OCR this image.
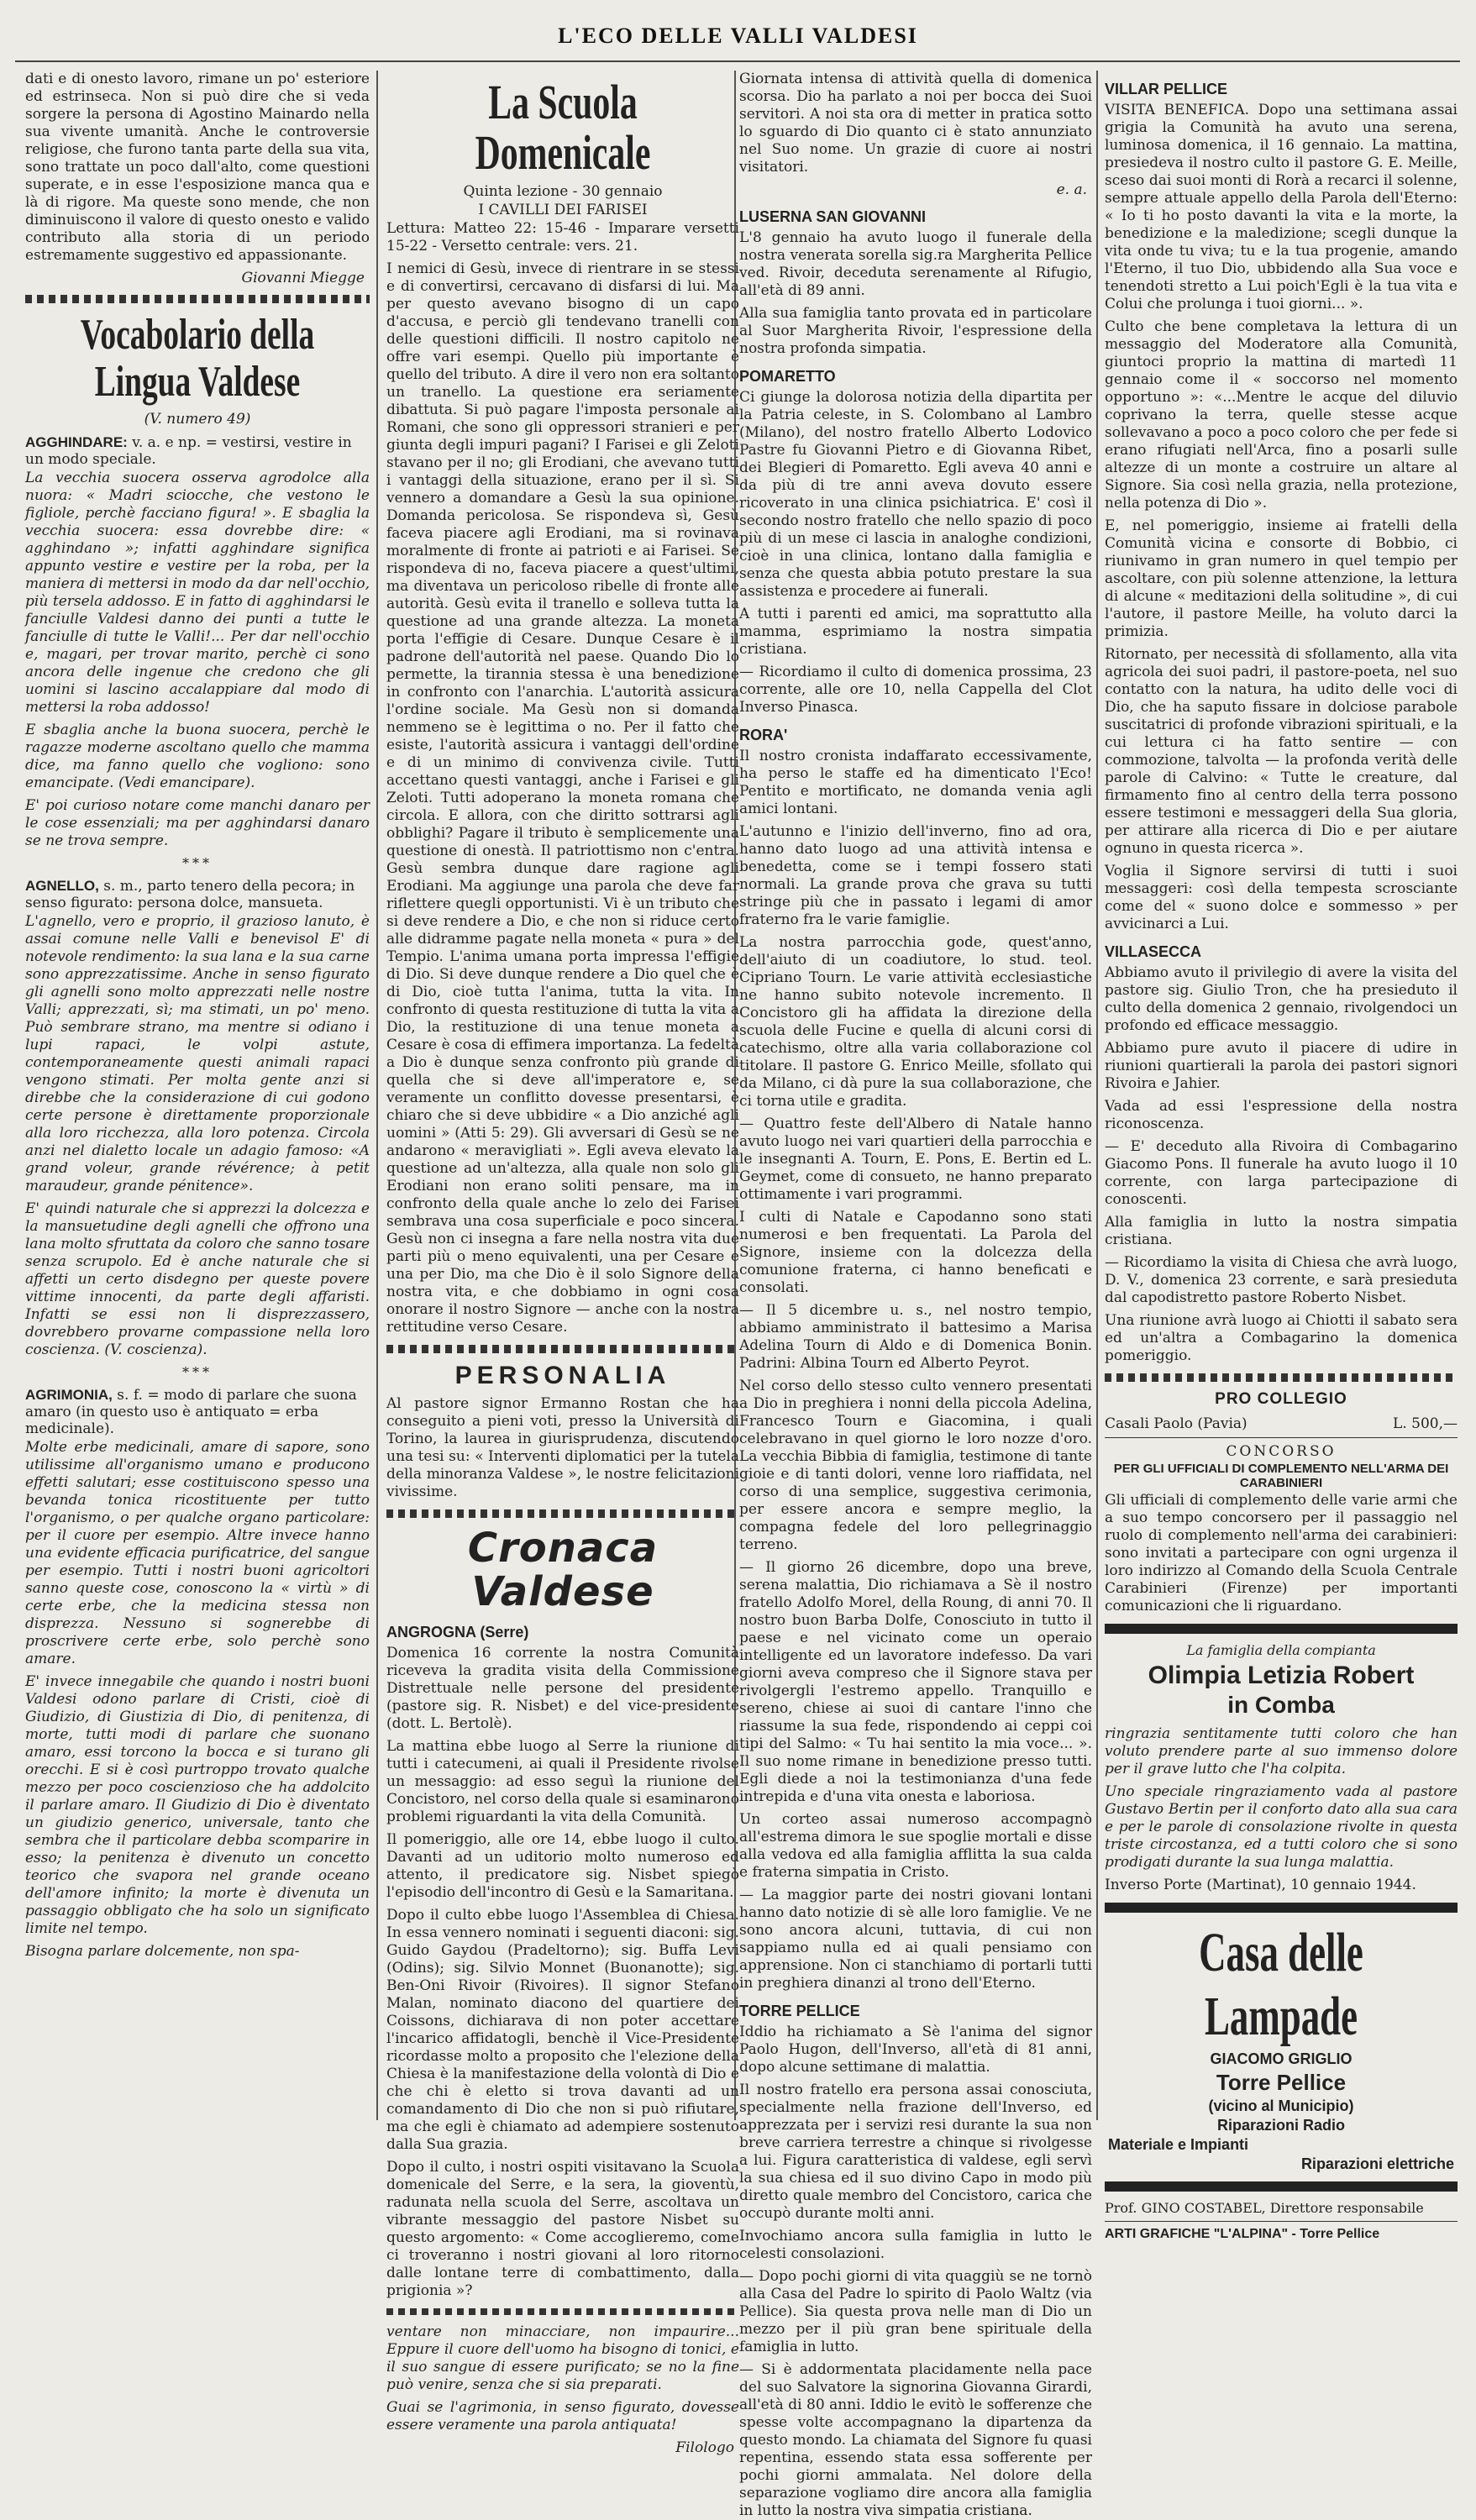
L'ECO DELLE VALLI VALDESI

dati e di onesto lavoro, rimane un po' esteriore ed estrinseca. Non si può dire che si veda sorgere la persona di Agostino Mainardo nella sua vivente umanità. Anche le controversie religiose, che furono tanta parte della sua vita, sono trattate un poco dall'alto, come questioni superate, e in esse l'esposizione manca qua e là di rigore. Ma queste sono mende, che non diminuiscono il valore di questo onesto e valido contributo alla storia di un periodo estremamente suggestivo ed appassionante.

Giovanni Miegge
Vocabolario della Lingua Valdese
(V. numero 49)
AGGHINDARE: v. a. e np. = vestirsi, vestire in un modo speciale.

La vecchia suocera osserva agrodolce alla nuora: « Madri sciocche, che vestono le figliole, perchè facciano figura! ». E sbaglia la vecchia suocera: essa dovrebbe dire: « agghindano »; infatti agghindare significa appunto vestire e vestire per la roba, per la maniera di mettersi in modo da dar nell'occhio, più tersela addosso. E in fatto di agghindarsi le fanciulle Valdesi danno dei punti a tutte le fanciulle di tutte le Valli!... Per dar nell'occhio e, magari, per trovar marito, perchè ci sono ancora delle ingenue che credono che gli uomini si lascino accalappiare dal modo di mettersi la roba addosso!

E sbaglia anche la buona suocera, perchè le ragazze moderne ascoltano quello che mamma dice, ma fanno quello che vogliono: sono emancipate. (Vedi emancipare).

E' poi curioso notare come manchi danaro per le cose essenziali; ma per agghindarsi danaro se ne trova sempre.

***
AGNELLO, s. m., parto tenero della pecora; in senso figurato: persona dolce, mansueta.

L'agnello, vero e proprio, il grazioso lanuto, è assai comune nelle Valli e benevisol E' di notevole rendimento: la sua lana e la sua carne sono apprezzatissime. Anche in senso figurato gli agnelli sono molto apprezzati nelle nostre Valli; apprezzati, sì; ma stimati, un po' meno. Può sembrare strano, ma mentre si odiano i lupi rapaci, le volpi astute, contemporaneamente questi animali rapaci vengono stimati. Per molta gente anzi si direbbe che la considerazione di cui godono certe persone è direttamente proporzionale alla loro ricchezza, alla loro potenza. Circola anzi nel dialetto locale un adagio famoso: «A grand voleur, grande révérence; à petit maraudeur, grande pénitence».

E' quindi naturale che si apprezzi la dolcezza e la mansuetudine degli agnelli che offrono una lana molto sfruttata da coloro che sanno tosare senza scrupolo. Ed è anche naturale che si affetti un certo disdegno per queste povere vittime innocenti, da parte degli affaristi. Infatti se essi non li disprezzassero, dovrebbero provarne compassione nella loro coscienza. (V. coscienza).

***
AGRIMONIA, s. f. = modo di parlare che suona amaro (in questo uso è antiquato = erba medicinale).

Molte erbe medicinali, amare di sapore, sono utilissime all'organismo umano e producono effetti salutari; esse costituiscono spesso una bevanda tonica ricostituente per tutto l'organismo, o per qualche organo particolare: per il cuore per esempio. Altre invece hanno una evidente efficacia purificatrice, del sangue per esempio. Tutti i nostri buoni agricoltori sanno queste cose, conoscono la « virtù » di certe erbe, che la medicina stessa non disprezza. Nessuno si sognerebbe di proscrivere certe erbe, solo perchè sono amare.

E' invece innegabile che quando i nostri buoni Valdesi odono parlare di Cristi, cioè di Giudizio, di Giustizia di Dio, di penitenza, di morte, tutti modi di parlare che suonano amaro, essi torcono la bocca e si turano gli orecchi. E si è così purtroppo trovato qualche mezzo per poco coscienzioso che ha addolcito il parlare amaro. Il Giudizio di Dio è diventato un giudizio generico, universale, tanto che sembra che il particolare debba scomparire in esso; la penitenza è divenuto un concetto teorico che svapora nel grande oceano dell'amore infinito; la morte è divenuta un passaggio obbligato che ha solo un significato limite nel tempo.

Bisogna parlare dolcemente, non spa-

La Scuola Domenicale
Quinta lezione - 30 gennaio
I CAVILLI DEI FARISEI

Lettura: Matteo 22: 15-46 - Imparare versetti 15-22 - Versetto centrale: vers. 21.

I nemici di Gesù, invece di rientrare in se stessi e di convertirsi, cercavano di disfarsi di lui. Ma per questo avevano bisogno di un capo d'accusa, e perciò gli tendevano tranelli con delle questioni difficili. Il nostro capitolo ne offre vari esempi. Quello più importante è quello del tributo. A dire il vero non era soltanto un tranello. La questione era seriamente dibattuta. Si può pagare l'imposta personale ai Romani, che sono gli oppressori stranieri e per giunta degli impuri pagani? I Farisei e gli Zeloti stavano per il no; gli Erodiani, che avevano tutti i vantaggi della situazione, erano per il sì. Si vennero a domandare a Gesù la sua opinione. Domanda pericolosa. Se rispondeva sì, Gesù faceva piacere agli Erodiani, ma si rovinava moralmente di fronte ai patrioti e ai Farisei. Se rispondeva di no, faceva piacere a quest'ultimi, ma diventava un pericoloso ribelle di fronte alle autorità. Gesù evita il tranello e solleva tutta la questione ad una grande altezza. La moneta porta l'effigie di Cesare. Dunque Cesare è il padrone dell'autorità nel paese. Quando Dio lo permette, la tirannia stessa è una benedizione in confronto con l'anarchia. L'autorità assicura l'ordine sociale. Ma Gesù non si domanda nemmeno se è legittima o no. Per il fatto che esiste, l'autorità assicura i vantaggi dell'ordine e di un minimo di convivenza civile. Tutti accettano questi vantaggi, anche i Farisei e gli Zeloti. Tutti adoperano la moneta romana che circola. E allora, con che diritto sottrarsi agli obblighi? Pagare il tributo è semplicemente una questione di onestà. Il patriottismo non c'entra. Gesù sembra dunque dare ragione agli Erodiani. Ma aggiunge una parola che deve far riflettere quegli opportunisti. Vi è un tributo che si deve rendere a Dio, e che non si riduce certo alle didramme pagate nella moneta « pura » del Tempio. L'anima umana porta impressa l'effigie di Dio. Si deve dunque rendere a Dio quel che è di Dio, cioè tutta l'anima, tutta la vita. In confronto di questa restituzione di tutta la vita a Dio, la restituzione di una tenue moneta a Cesare è cosa di effimera importanza. La fedeltà a Dio è dunque senza confronto più grande di quella che si deve all'imperatore e, se veramente un conflitto dovesse presentarsi, è chiaro che si deve ubbidire « a Dio anziché agli uomini » (Atti 5: 29). Gli avversari di Gesù se ne andarono « meravigliati ». Egli aveva elevato la questione ad un'altezza, alla quale non solo gli Erodiani non erano soliti pensare, ma in confronto della quale anche lo zelo dei Farisei sembrava una cosa superficiale e poco sincera. Gesù non ci insegna a fare nella nostra vita due parti più o meno equivalenti, una per Cesare e una per Dio, ma che Dio è il solo Signore della nostra vita, e che dobbiamo in ogni cosa onorare il nostro Signore — anche con la nostra rettitudine verso Cesare.

PERSONALIA

Al pastore signor Ermanno Rostan che ha conseguito a pieni voti, presso la Università di Torino, la laurea in giurisprudenza, discutendo una tesi su: « Interventi diplomatici per la tutela della minoranza Valdese », le nostre felicitazioni vivissime.

Cronaca Valdese
ANGROGNA (Serre)

Domenica 16 corrente la nostra Comunità riceveva la gradita visita della Commissione Distrettuale nelle persone del presidente (pastore sig. R. Nisbet) e del vice-presidente (dott. L. Bertolè).

La mattina ebbe luogo al Serre la riunione di tutti i catecumeni, ai quali il Presidente rivolse un messaggio: ad esso seguì la riunione del Concistoro, nel corso della quale si esaminarono problemi riguardanti la vita della Comunità.

Il pomeriggio, alle ore 14, ebbe luogo il culto. Davanti ad un uditorio molto numeroso ed attento, il predicatore sig. Nisbet spiegò l'episodio dell'incontro di Gesù e la Samaritana.

Dopo il culto ebbe luogo l'Assemblea di Chiesa. In essa vennero nominati i seguenti diaconi: sig. Guido Gaydou (Pradeltorno); sig. Buffa Levi (Odins); sig. Silvio Monnet (Buonanotte); sig. Ben-Oni Rivoir (Rivoires). Il signor Stefano Malan, nominato diacono del quartiere dei Coissons, dichiarava di non poter accettare l'incarico affidatogli, benchè il Vice-Presidente ricordasse molto a proposito che l'elezione della Chiesa è la manifestazione della volontà di Dio e che chi è eletto si trova davanti ad un comandamento di Dio che non si può rifiutare, ma che egli è chiamato ad adempiere sostenuto dalla Sua grazia.

Dopo il culto, i nostri ospiti visitavano la Scuola domenicale del Serre, e la sera, la gioventù, radunata nella scuola del Serre, ascoltava un vibrante messaggio del pastore Nisbet su questo argomento: « Come accoglieremo, come ci troveranno i nostri giovani al loro ritorno dalle lontane terre di combattimento, dalla prigionia »?

ventare non minacciare, non impaurire... Eppure il cuore dell'uomo ha bisogno di tonici, e il suo sangue di essere purificato; se no la fine può venire, senza che si sia preparati.

Guai se l'agrimonia, in senso figurato, dovesse essere veramente una parola antiquata!

Filologo

Giornata intensa di attività quella di domenica scorsa. Dio ha parlato a noi per bocca dei Suoi servitori. A noi sta ora di metter in pratica sotto lo sguardo di Dio quanto ci è stato annunziato nel Suo nome. Un grazie di cuore ai nostri visitatori.

e. a.
LUSERNA SAN GIOVANNI

L'8 gennaio ha avuto luogo il funerale della nostra venerata sorella sig.ra Margherita Pellice ved. Rivoir, deceduta serenamente al Rifugio, all'età di 89 anni.

Alla sua famiglia tanto provata ed in particolare al Suor Margherita Rivoir, l'espressione della nostra profonda simpatia.

POMARETTO

Ci giunge la dolorosa notizia della dipartita per la Patria celeste, in S. Colombano al Lambro (Milano), del nostro fratello Alberto Lodovico Pastre fu Giovanni Pietro e di Giovanna Ribet, dei Blegieri di Pomaretto. Egli aveva 40 anni e da più di tre anni aveva dovuto essere ricoverato in una clinica psichiatrica. E' così il secondo nostro fratello che nello spazio di poco più di un mese ci lascia in analoghe condizioni, cioè in una clinica, lontano dalla famiglia e senza che questa abbia potuto prestare la sua assistenza e procedere ai funerali.

A tutti i parenti ed amici, ma soprattutto alla mamma, esprimiamo la nostra simpatia cristiana.

— Ricordiamo il culto di domenica prossima, 23 corrente, alle ore 10, nella Cappella del Clot Inverso Pinasca.

RORA'

Il nostro cronista indaffarato eccessivamente, ha perso le staffe ed ha dimenticato l'Eco! Pentito e mortificato, ne domanda venia agli amici lontani.

L'autunno e l'inizio dell'inverno, fino ad ora, hanno dato luogo ad una attività intensa e benedetta, come se i tempi fossero stati normali. La grande prova che grava su tutti stringe più che in passato i legami di amor fraterno fra le varie famiglie.

La nostra parrocchia gode, quest'anno, dell'aiuto di un coadiutore, lo stud. teol. Cipriano Tourn. Le varie attività ecclesiastiche ne hanno subito notevole incremento. Il Concistoro gli ha affidata la direzione della scuola delle Fucine e quella di alcuni corsi di catechismo, oltre alla varia collaborazione col titolare. Il pastore G. Enrico Meille, sfollato qui da Milano, ci dà pure la sua collaborazione, che ci torna utile e gradita.

— Quattro feste dell'Albero di Natale hanno avuto luogo nei vari quartieri della parrocchia e le insegnanti A. Tourn, E. Pons, E. Bertin ed L. Geymet, come di consueto, ne hanno preparato ottimamente i vari programmi.

I culti di Natale e Capodanno sono stati numerosi e ben frequentati. La Parola del Signore, insieme con la dolcezza della comunione fraterna, ci hanno beneficati e consolati.

— Il 5 dicembre u. s., nel nostro tempio, abbiamo amministrato il battesimo a Marisa Adelina Tourn di Aldo e di Domenica Bonin. Padrini: Albina Tourn ed Alberto Peyrot.

Nel corso dello stesso culto vennero presentati a Dio in preghiera i nonni della piccola Adelina, Francesco Tourn e Giacomina, i quali celebravano in quel giorno le loro nozze d'oro. La vecchia Bibbia di famiglia, testimone di tante gioie e di tanti dolori, venne loro riaffidata, nel corso di una semplice, suggestiva cerimonia, per essere ancora e sempre meglio, la compagna fedele del loro pellegrinaggio terreno.

— Il giorno 26 dicembre, dopo una breve, serena malattia, Dio richiamava a Sè il nostro fratello Adolfo Morel, della Roung, di anni 70. Il nostro buon Barba Dolfe, Conosciuto in tutto il paese e nel vicinato come un operaio intelligente ed un lavoratore indefesso. Da vari giorni aveva compreso che il Signore stava per rivolgergli l'estremo appello. Tranquillo e sereno, chiese ai suoi di cantare l'inno che riassume la sua fede, rispondendo ai ceppi coi tipi del Salmo: « Tu hai sentito la mia voce... ». Il suo nome rimane in benedizione presso tutti. Egli diede a noi la testimonianza d'una fede intrepida e d'una vita onesta e laboriosa.

Un corteo assai numeroso accompagnò all'estrema dimora le sue spoglie mortali e disse alla vedova ed alla famiglia afflitta la sua calda e fraterna simpatia in Cristo.

— La maggior parte dei nostri giovani lontani hanno dato notizie di sè alle loro famiglie. Ve ne sono ancora alcuni, tuttavia, di cui non sappiamo nulla ed ai quali pensiamo con apprensione. Non ci stanchiamo di portarli tutti in preghiera dinanzi al trono dell'Eterno.

TORRE PELLICE

Iddio ha richiamato a Sè l'anima del signor Paolo Hugon, dell'Inverso, all'età di 81 anni, dopo alcune settimane di malattia.

Il nostro fratello era persona assai conosciuta, specialmente nella frazione dell'Inverso, ed apprezzata per i servizi resi durante la sua non breve carriera terrestre a chinque si rivolgesse a lui. Figura caratteristica di valdese, egli servì la sua chiesa ed il suo divino Capo in modo più diretto quale membro del Concistoro, carica che occupò durante molti anni.

Invochiamo ancora sulla famiglia in lutto le celesti consolazioni.

— Dopo pochi giorni di vita quaggiù se ne tornò alla Casa del Padre lo spirito di Paolo Waltz (via Pellice). Sia questa prova nelle man di Dio un mezzo per il più gran bene spirituale della famiglia in lutto.

— Si è addormentata placidamente nella pace del suo Salvatore la signorina Giovanna Girardi, all'età di 80 anni. Iddio le evitò le sofferenze che spesse volte accompagnano la dipartenza da questo mondo. La chiamata del Signore fu quasi repentina, essendo stata essa sofferente per pochi giorni ammalata. Nel dolore della separazione vogliamo dire ancora alla famiglia in lutto la nostra viva simpatia cristiana.

VILLAR PELLICE

VISITA BENEFICA. Dopo una settimana assai grigia la Comunità ha avuto una serena, luminosa domenica, il 16 gennaio. La mattina, presiedeva il nostro culto il pastore G. E. Meille, sceso dai suoi monti di Rorà a recarci il solenne, sempre attuale appello della Parola dell'Eterno: « Io ti ho posto davanti la vita e la morte, la benedizione e la maledizione; scegli dunque la vita onde tu viva; tu e la tua progenie, amando l'Eterno, il tuo Dio, ubbidendo alla Sua voce e tenendoti stretto a Lui poich'Egli è la tua vita e Colui che prolunga i tuoi giorni... ».

Culto che bene completava la lettura di un messaggio del Moderatore alla Comunità, giuntoci proprio la mattina di martedì 11 gennaio come il « soccorso nel momento opportuno »: «...Mentre le acque del diluvio coprivano la terra, quelle stesse acque sollevavano a poco a poco coloro che per fede si erano rifugiati nell'Arca, fino a posarli sulle altezze di un monte a costruire un altare al Signore. Sia così nella grazia, nella protezione, nella potenza di Dio ».

E, nel pomeriggio, insieme ai fratelli della Comunità vicina e consorte di Bobbio, ci riunivamo in gran numero in quel tempio per ascoltare, con più solenne attenzione, la lettura di alcune « meditazioni della solitudine », di cui l'autore, il pastore Meille, ha voluto darci la primizia.

Ritornato, per necessità di sfollamento, alla vita agricola dei suoi padri, il pastore-poeta, nel suo contatto con la natura, ha udito delle voci di Dio, che ha saputo fissare in dolciose parabole suscitatrici di profonde vibrazioni spirituali, e la cui lettura ci ha fatto sentire — con commozione, talvolta — la profonda verità delle parole di Calvino: « Tutte le creature, dal firmamento fino al centro della terra possono essere testimoni e messaggeri della Sua gloria, per attirare alla ricerca di Dio e per aiutare ognuno in questa ricerca ».

Voglia il Signore servirsi di tutti i suoi messaggeri: così della tempesta scrosciante come del « suono dolce e sommesso » per avvicinarci a Lui.

VILLASECCA

Abbiamo avuto il privilegio di avere la visita del pastore sig. Giulio Tron, che ha presieduto il culto della domenica 2 gennaio, rivolgendoci un profondo ed efficace messaggio.

Abbiamo pure avuto il piacere di udire in riunioni quartierali la parola dei pastori signori Rivoira e Jahier.

Vada ad essi l'espressione della nostra riconoscenza.

— E' deceduto alla Rivoira di Combagarino Giacomo Pons. Il funerale ha avuto luogo il 10 corrente, con larga partecipazione di conoscenti.

Alla famiglia in lutto la nostra simpatia cristiana.

— Ricordiamo la visita di Chiesa che avrà luogo, D. V., domenica 23 corrente, e sarà presieduta dal capodistretto pastore Roberto Nisbet.

Una riunione avrà luogo ai Chiotti il sabato sera ed un'altra a Combagarino la domenica pomeriggio.

PRO COLLEGIO
Casali Paolo (Pavia)	L. 500,—
CONCORSO
PER GLI UFFICIALI DI COMPLEMENTO NELL'ARMA DEI CARABINIERI

Gli ufficiali di complemento delle varie armi che a suo tempo concorsero per il passaggio nel ruolo di complemento nell'arma dei carabinieri: sono invitati a partecipare con ogni urgenza il loro indirizzo al Comando della Scuola Centrale Carabinieri (Firenze) per importanti comunicazioni che li riguardano.

La famiglia della compianta
Olimpia Letizia Robert
in Comba

ringrazia sentitamente tutti coloro che han voluto prendere parte al suo immenso dolore per il grave lutto che l'ha colpita.

Uno speciale ringraziamento vada al pastore Gustavo Bertin per il conforto dato alla sua cara e per le parole di consolazione rivolte in questa triste circostanza, ed a tutti coloro che si sono prodigati durante la sua lunga malattia.

Inverso Porte (Martinat), 10 gennaio 1944.

Casa delle Lampade
GIACOMO GRIGLIO
Torre Pellice
(vicino al Municipio)
Riparazioni Radio
Materiale e Impianti
Riparazioni elettriche
Prof. GINO COSTABEL, Direttore responsabile
ARTI GRAFICHE "L'ALPINA" - Torre Pellice
